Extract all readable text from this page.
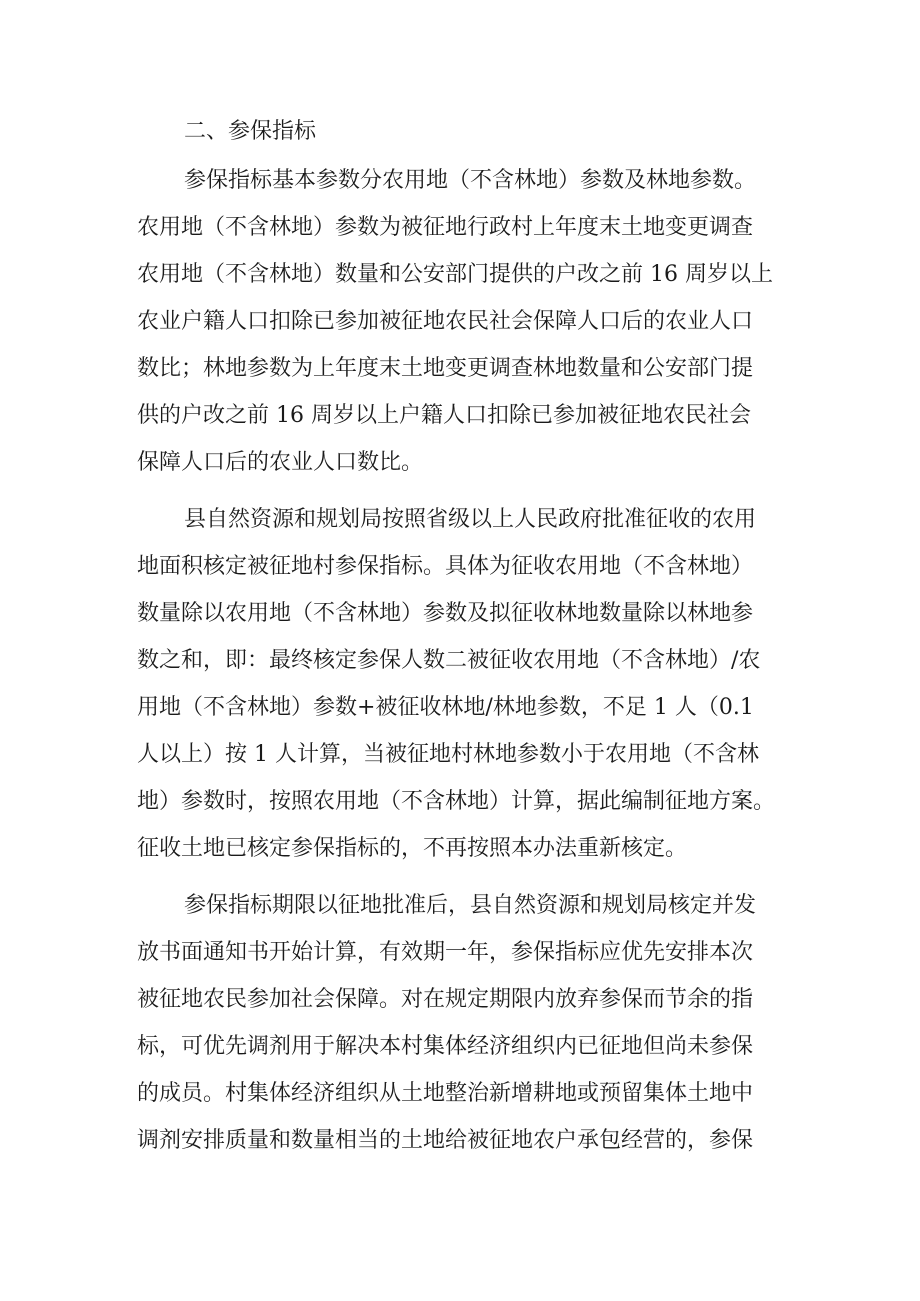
二、参保指标
参保指标基本参数分农用地（不含林地）参数及林地参数。
农用地（不含林地）参数为被征地行政村上年度末土地变更调查
农用地（不含林地）数量和公安部门提供的户改之前 16 周岁以上
农业户籍人口扣除已参加被征地农民社会保障人口后的农业人口
数比；林地参数为上年度末土地变更调查林地数量和公安部门提
供的户改之前 16 周岁以上户籍人口扣除已参加被征地农民社会
保障人口后的农业人口数比。
县自然资源和规划局按照省级以上人民政府批准征收的农用
地面积核定被征地村参保指标。具体为征收农用地（不含林地）
数量除以农用地（不含林地）参数及拟征收林地数量除以林地参
数之和，即：最终核定参保人数二被征收农用地（不含林地）/农
用地（不含林地）参数+被征收林地/林地参数，不足 1 人（0.1
人以上）按 1 人计算，当被征地村林地参数小于农用地（不含林
地）参数时，按照农用地（不含林地）计算，据此编制征地方案。
征收土地已核定参保指标的，不再按照本办法重新核定。
参保指标期限以征地批准后，县自然资源和规划局核定并发
放书面通知书开始计算，有效期一年，参保指标应优先安排本次
被征地农民参加社会保障。对在规定期限内放弃参保而节余的指
标，可优先调剂用于解决本村集体经济组织内已征地但尚未参保
的成员。村集体经济组织从土地整治新增耕地或预留集体土地中
调剂安排质量和数量相当的土地给被征地农户承包经营的，参保
